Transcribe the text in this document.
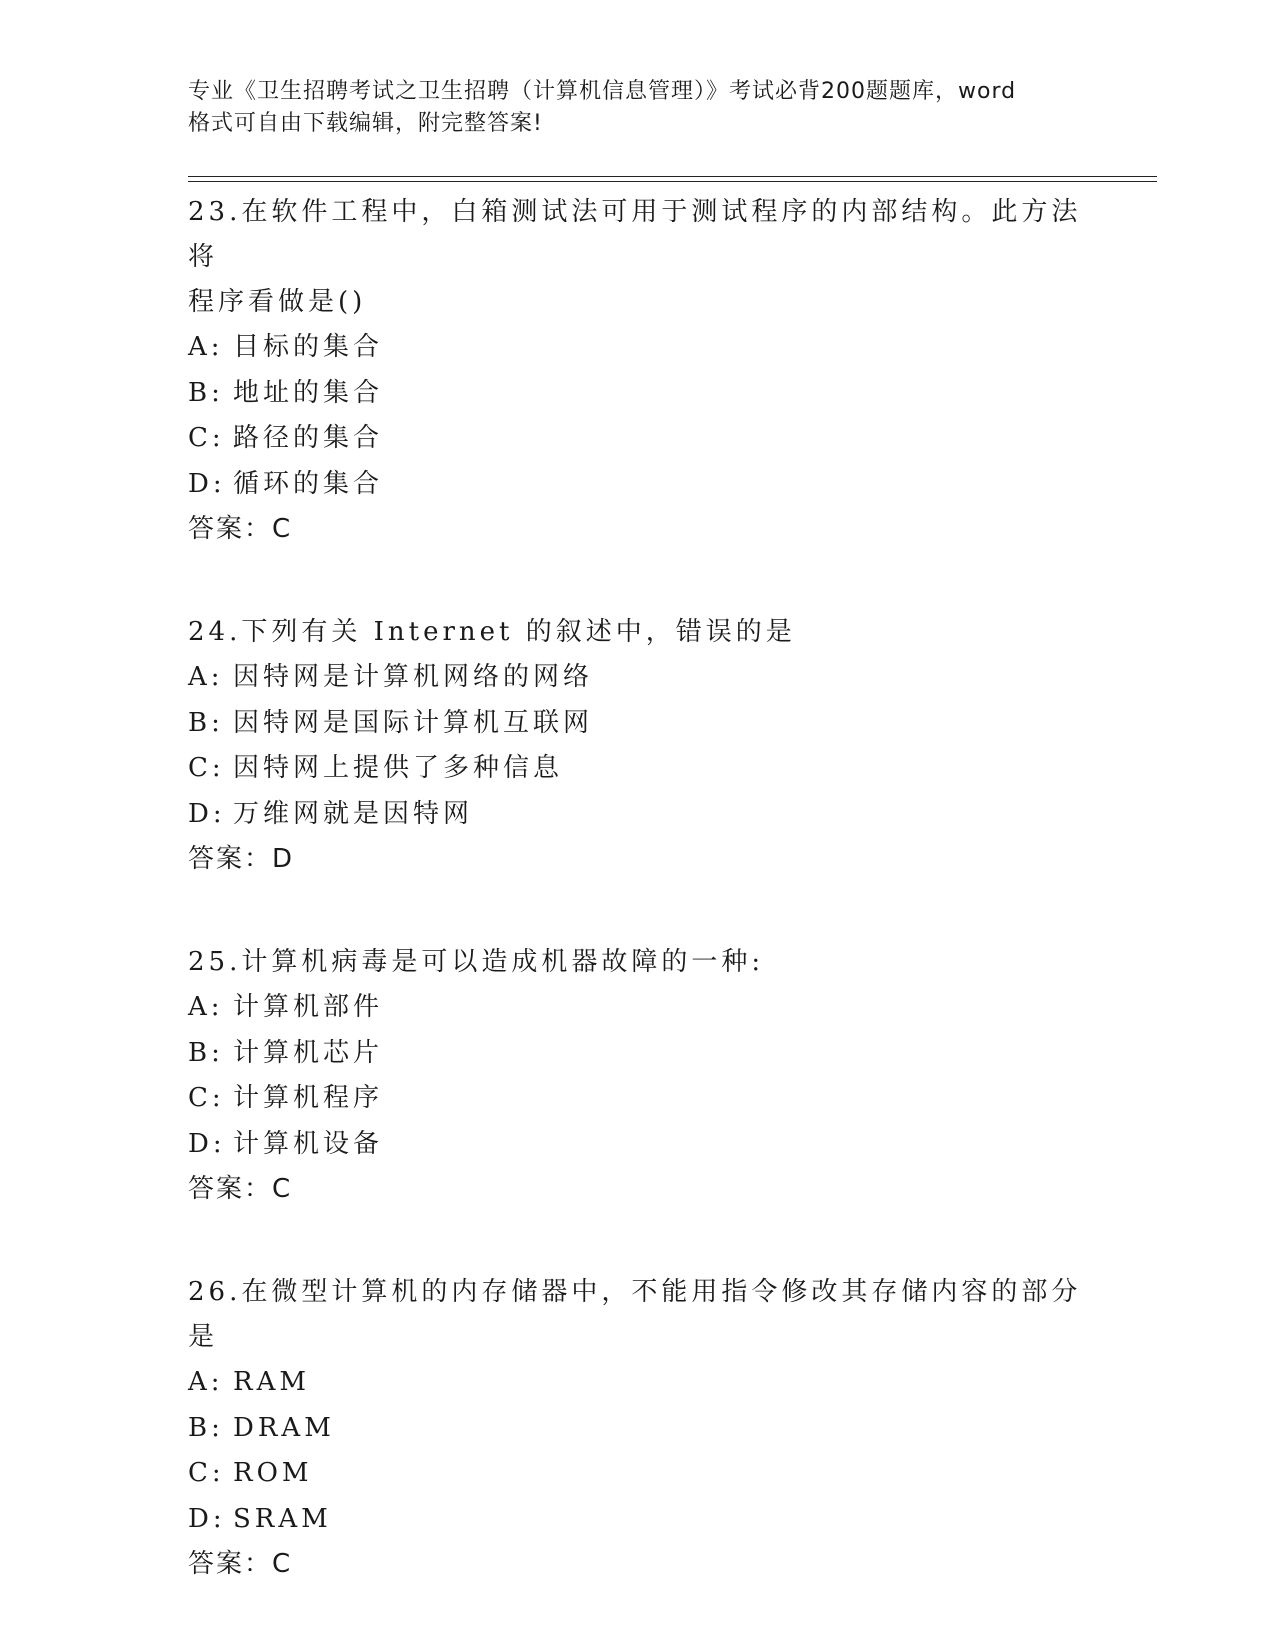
专业《卫生招聘考试之卫生招聘（计算机信息管理）》考试必背200题题库，word
格式可自由下载编辑，附完整答案!
23.在软件工程中，白箱测试法可用于测试程序的内部结构。此方法将
程序看做是()
A: 目标的集合
B: 地址的集合
C: 路径的集合
D: 循环的集合
答案：C
24.下列有关 Internet 的叙述中，错误的是
A: 因特网是计算机网络的网络
B: 因特网是国际计算机互联网
C: 因特网上提供了多种信息
D: 万维网就是因特网
答案：D
25.计算机病毒是可以造成机器故障的一种:
A: 计算机部件
B: 计算机芯片
C: 计算机程序
D: 计算机设备
答案：C
26.在微型计算机的内存储器中，不能用指令修改其存储内容的部分是
A: RAM
B: DRAM
C: ROM
D: SRAM
答案：C
